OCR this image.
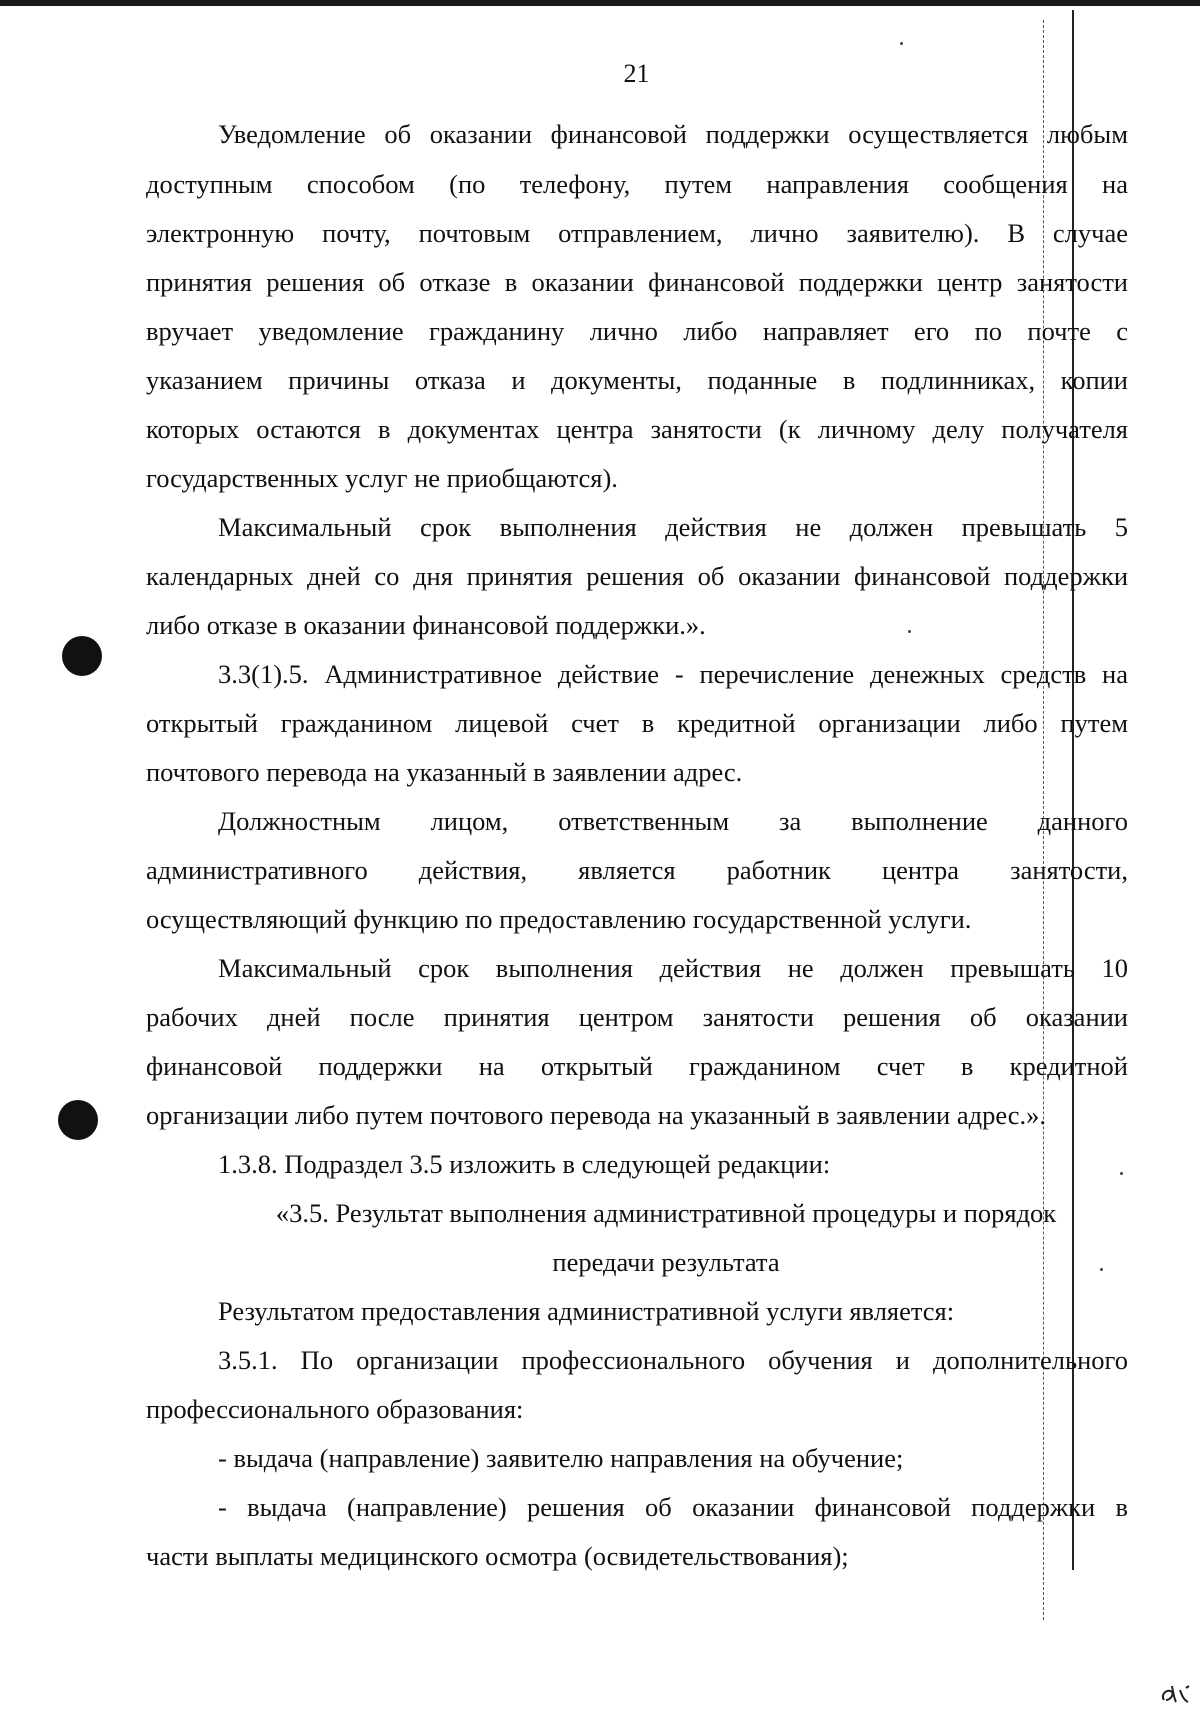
21
Уведомление об оказании финансовой поддержки осуществляется любым
доступным способом (по телефону, путем направления сообщения на
электронную почту, почтовым отправлением, лично заявителю). В случае
принятия решения об отказе в оказании финансовой поддержки центр занятости
вручает уведомление гражданину лично либо направляет его по почте с
указанием причины отказа и документы, поданные в подлинниках, копии
которых остаются в документах центра занятости (к личному делу получателя
государственных услуг не приобщаются).
Максимальный срок выполнения действия не должен превышать 5
календарных дней со дня принятия решения об оказании финансовой поддержки
либо отказе в оказании финансовой поддержки.».
3.3(1).5. Административное действие - перечисление денежных средств на
открытый гражданином лицевой счет в кредитной организации либо путем
почтового перевода на указанный в заявлении адрес.
Должностным лицом, ответственным за выполнение данного
административного действия, является работник центра занятости,
осуществляющий функцию по предоставлению государственной услуги.
Максимальный срок выполнения действия не должен превышать 10
рабочих дней после принятия центром занятости решения об оказании
финансовой поддержки на открытый гражданином счет в кредитной
организации либо путем почтового перевода на указанный в заявлении адрес.».
1.3.8. Подраздел 3.5 изложить в следующей редакции:
«3.5. Результат выполнения административной процедуры и порядок
передачи результата
Результатом предоставления административной услуги является:
3.5.1. По организации профессионального обучения и дополнительного
профессионального образования:
- выдача (направление) заявителю направления на обучение;
- выдача (направление) решения об оказании финансовой поддержки в
части выплаты медицинского осмотра (освидетельствования);
